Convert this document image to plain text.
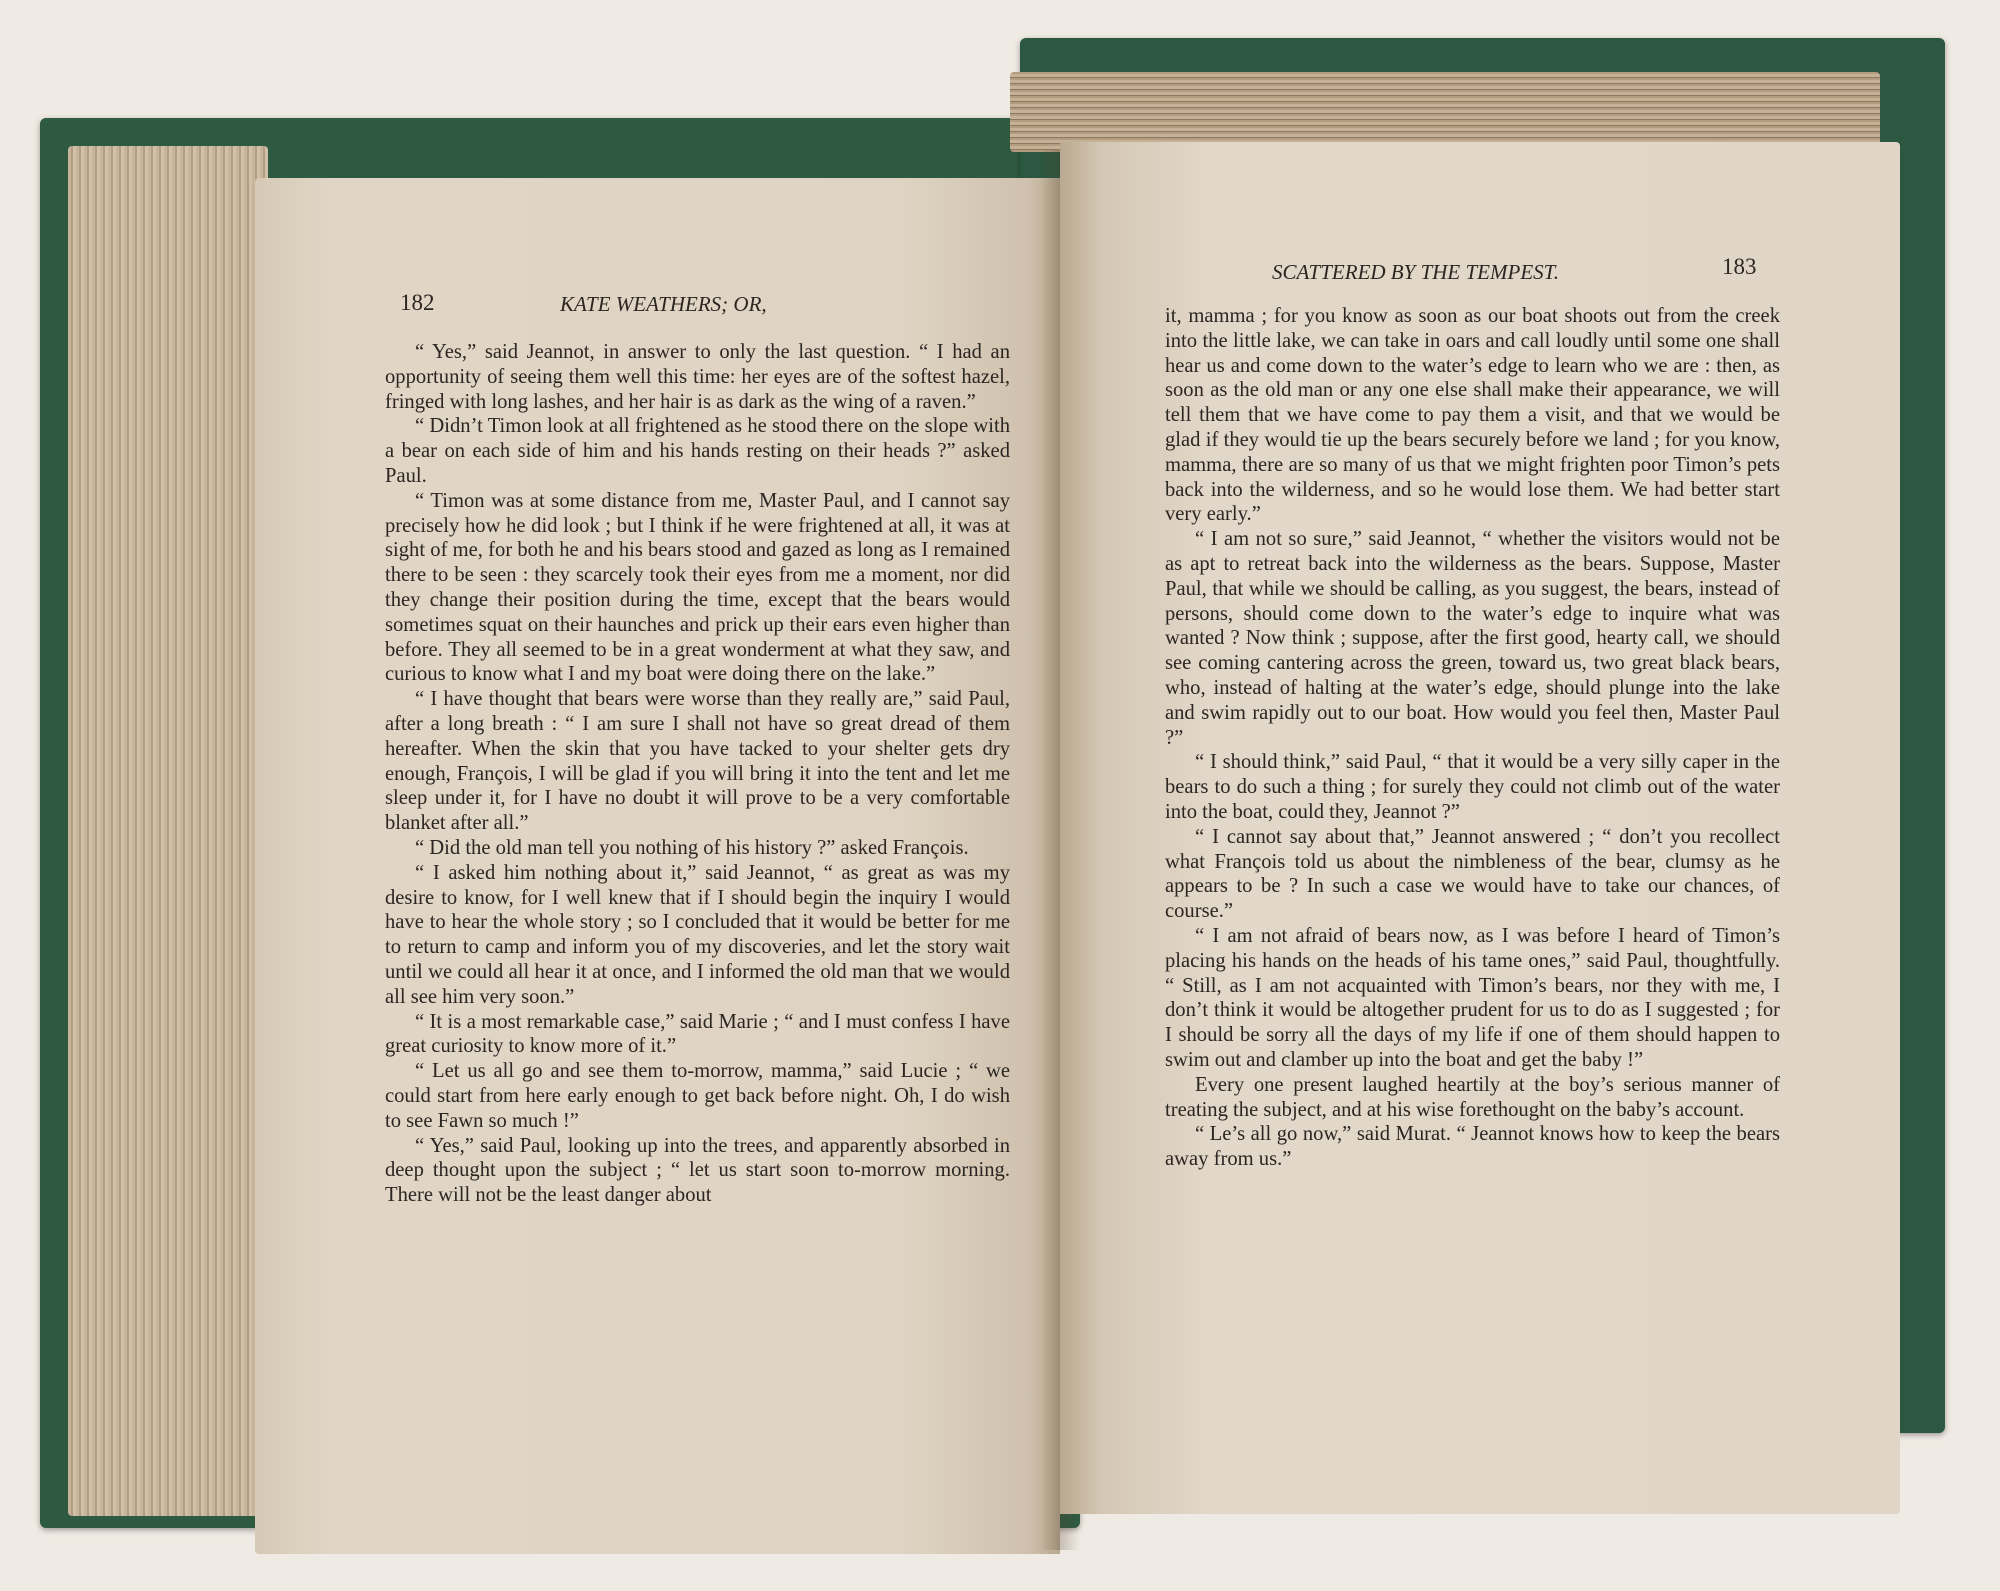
182	KATE WEATHERS; OR,

“ Yes,” said Jeannot, in answer to only the last question. “ I had an opportunity of seeing them well this time: her eyes are of the softest hazel, fringed with long lashes, and her hair is as dark as the wing of a raven.”

“ Didn’t Timon look at all frightened as he stood there on the slope with a bear on each side of him and his hands resting on their heads ?” asked Paul.

“ Timon was at some distance from me, Master Paul, and I cannot say precisely how he did look ; but I think if he were frightened at all, it was at sight of me, for both he and his bears stood and gazed as long as I remained there to be seen : they scarcely took their eyes from me a moment, nor did they change their position during the time, except that the bears would sometimes squat on their haunches and prick up their ears even higher than before. They all seemed to be in a great wonderment at what they saw, and curious to know what I and my boat were doing there on the lake.”

“ I have thought that bears were worse than they really are,” said Paul, after a long breath : “ I am sure I shall not have so great dread of them hereafter. When the skin that you have tacked to your shelter gets dry enough, François, I will be glad if you will bring it into the tent and let me sleep under it, for I have no doubt it will prove to be a very comfortable blanket after all.”

“ Did the old man tell you nothing of his history ?” asked François.

“ I asked him nothing about it,” said Jeannot, “ as great as was my desire to know, for I well knew that if I should begin the inquiry I would have to hear the whole story ; so I concluded that it would be better for me to return to camp and inform you of my discoveries, and let the story wait until we could all hear it at once, and I informed the old man that we would all see him very soon.”

“ It is a most remarkable case,” said Marie ; “ and I must confess I have great curiosity to know more of it.”

“ Let us all go and see them to-morrow, mamma,” said Lucie ; “ we could start from here early enough to get back before night. Oh, I do wish to see Fawn so much !”

“ Yes,” said Paul, looking up into the trees, and apparently absorbed in deep thought upon the subject ; “ let us start soon to-morrow morning. There will not be the least danger about

SCATTERED BY THE TEMPEST.	183

it, mamma ; for you know as soon as our boat shoots out from the creek into the little lake, we can take in oars and call loudly until some one shall hear us and come down to the water’s edge to learn who we are : then, as soon as the old man or any one else shall make their appearance, we will tell them that we have come to pay them a visit, and that we would be glad if they would tie up the bears securely before we land ; for you know, mamma, there are so many of us that we might frighten poor Timon’s pets back into the wilderness, and so he would lose them. We had better start very early.”

“ I am not so sure,” said Jeannot, “ whether the visitors would not be as apt to retreat back into the wilderness as the bears. Suppose, Master Paul, that while we should be calling, as you suggest, the bears, instead of persons, should come down to the water’s edge to inquire what was wanted ? Now think ; suppose, after the first good, hearty call, we should see coming cantering across the green, toward us, two great black bears, who, instead of halting at the water’s edge, should plunge into the lake and swim rapidly out to our boat. How would you feel then, Master Paul ?”

“ I should think,” said Paul, “ that it would be a very silly caper in the bears to do such a thing ; for surely they could not climb out of the water into the boat, could they, Jeannot ?”

“ I cannot say about that,” Jeannot answered ; “ don’t you recollect what François told us about the nimbleness of the bear, clumsy as he appears to be ? In such a case we would have to take our chances, of course.”

“ I am not afraid of bears now, as I was before I heard of Timon’s placing his hands on the heads of his tame ones,” said Paul, thoughtfully. “ Still, as I am not acquainted with Timon’s bears, nor they with me, I don’t think it would be altogether prudent for us to do as I suggested ; for I should be sorry all the days of my life if one of them should happen to swim out and clamber up into the boat and get the baby !”

Every one present laughed heartily at the boy’s serious manner of treating the subject, and at his wise forethought on the baby’s account.

“ Le’s all go now,” said Murat. “ Jeannot knows how to keep the bears away from us.”
